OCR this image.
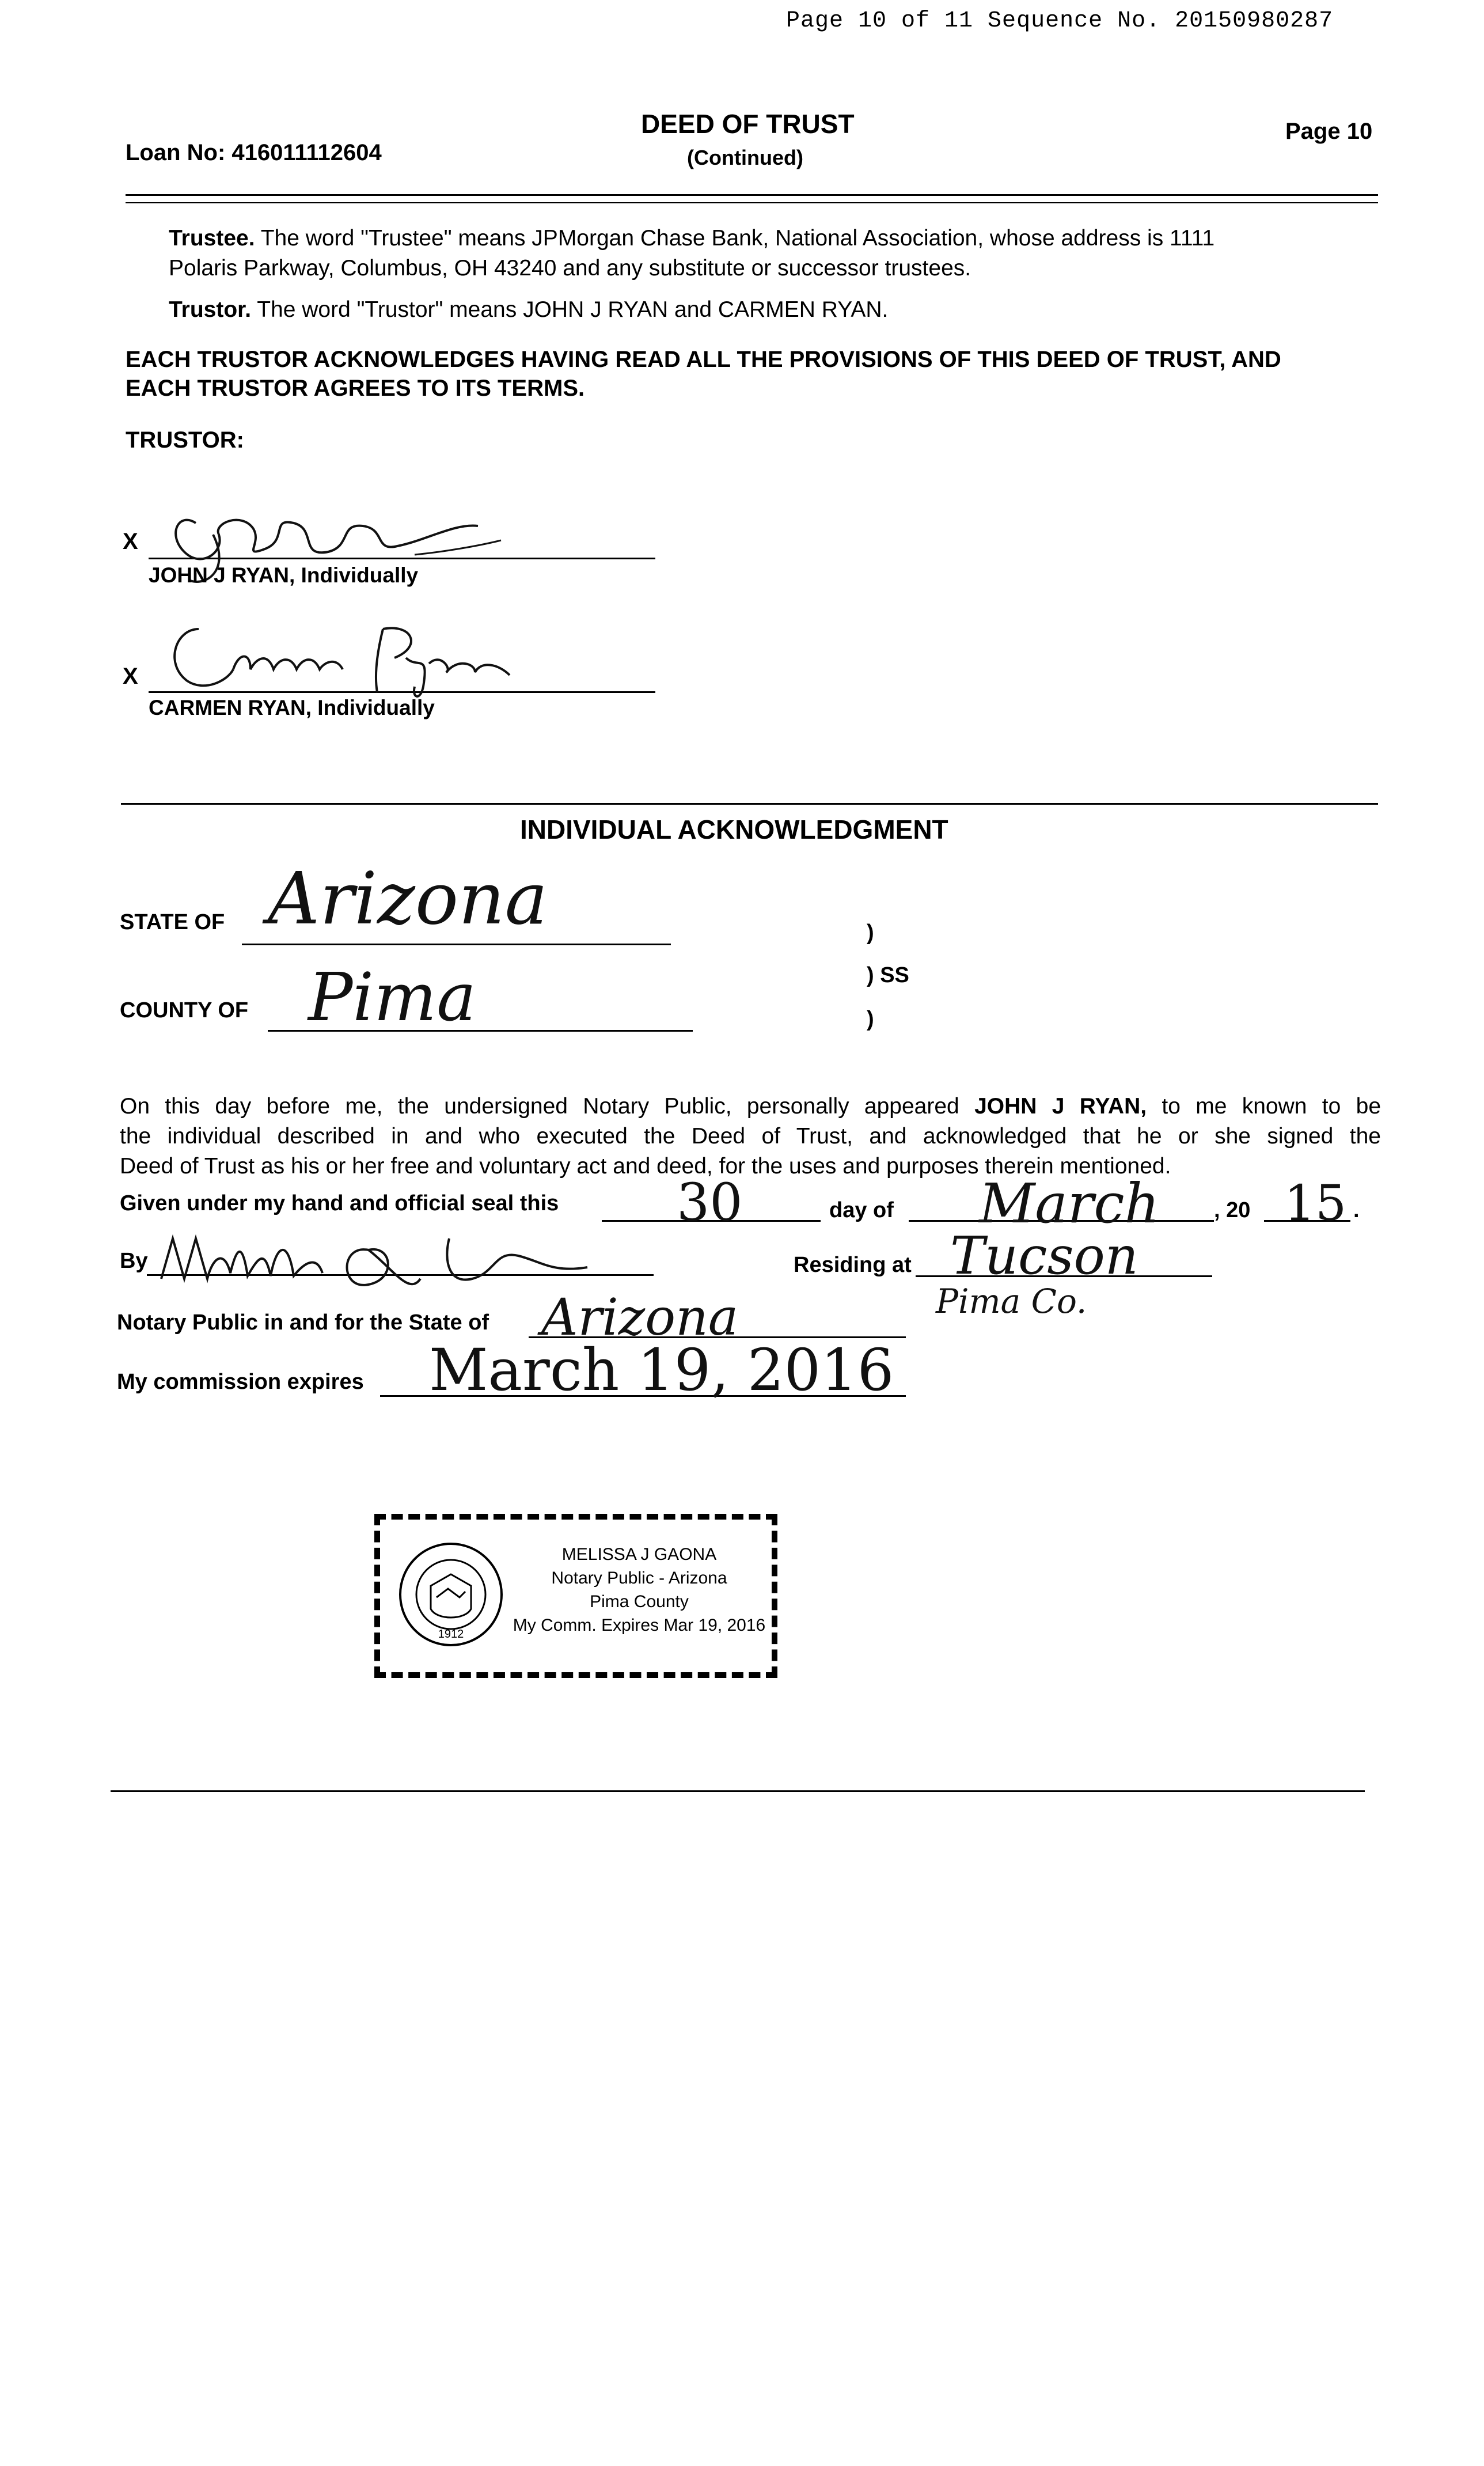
Page 10 of 11 Sequence No. 20150980287
Loan No: 416011112604
DEED OF TRUST
(Continued)
Page 10
Trustee. The word "Trustee" means JPMorgan Chase Bank, National Association, whose address is 1111
Polaris Parkway, Columbus, OH 43240 and any substitute or successor trustees.
Trustor. The word "Trustor" means JOHN J RYAN and CARMEN RYAN.
EACH TRUSTOR ACKNOWLEDGES HAVING READ ALL THE PROVISIONS OF THIS DEED OF TRUST, AND
EACH TRUSTOR AGREES TO ITS TERMS.
TRUSTOR:
X
JOHN J RYAN, Individually
X
CARMEN RYAN, Individually
INDIVIDUAL ACKNOWLEDGMENT
STATE OF Arizona
COUNTY OF Pima
)
) SS
)
On this day before me, the undersigned Notary Public, personally appeared JOHN J RYAN, to me known to be
the individual described in and who executed the Deed of Trust, and acknowledged that he or she signed the
Deed of Trust as his or her free and voluntary act and deed, for the uses and purposes therein mentioned.
Given under my hand and official seal this 30	day of March , 20 15 .
By	Residing at Tucson
Pima Co.
Notary Public in and for the State of Arizona
My commission expires March 19, 2016
1912
MELISSA J GAONA
Notary Public - Arizona
Pima County
My Comm. Expires Mar 19, 2016
